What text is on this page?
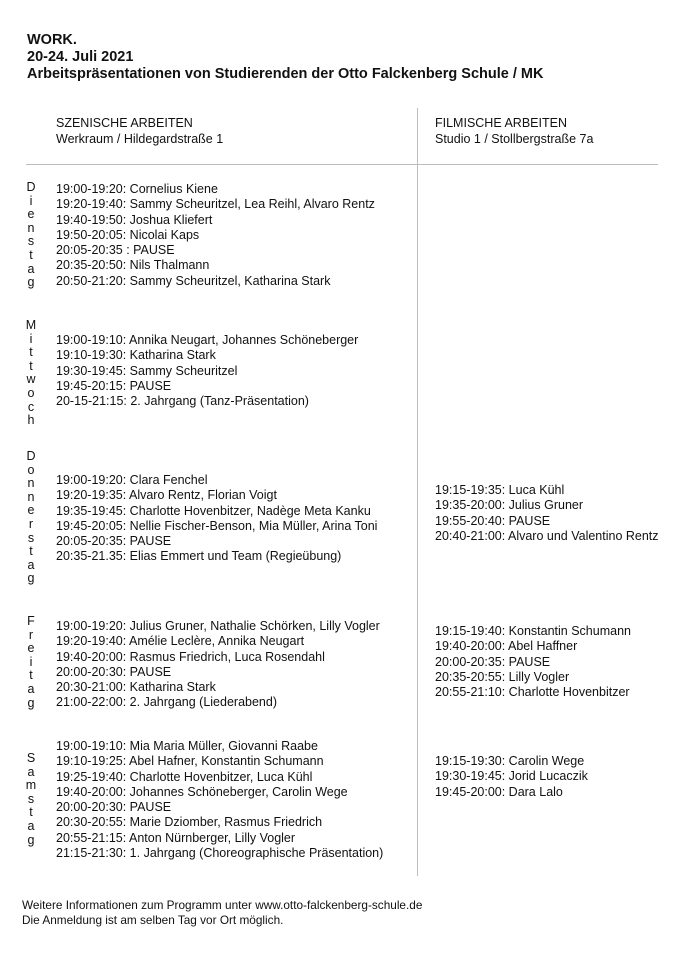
WORK.
20-24. Juli 2021
Arbeitspräsentationen von Studierenden der Otto Falckenberg Schule / MK
SZENISCHE ARBEITEN
Werkraum / Hildegardstraße 1
FILMISCHE ARBEITEN
Studio 1 / Stollbergstraße 7a
D
i
e
n
s
t
a
g
19:00-19:20: Cornelius Kiene
19:20-19:40: Sammy Scheuritzel, Lea Reihl, Alvaro Rentz
19:40-19:50: Joshua Kliefert
19:50-20:05: Nicolai Kaps
20:05-20:35 : PAUSE
20:35-20:50: Nils Thalmann
20:50-21:20: Sammy Scheuritzel, Katharina Stark
M
i
t
t
w
o
c
h
19:00-19:10: Annika Neugart, Johannes Schöneberger
19:10-19:30: Katharina Stark
19:30-19:45: Sammy Scheuritzel
19:45-20:15: PAUSE
20-15-21:15: 2. Jahrgang (Tanz-Präsentation)
D
o
n
n
e
r
s
t
a
g
19:00-19:20: Clara Fenchel
19:20-19:35: Alvaro Rentz, Florian Voigt
19:35-19:45: Charlotte Hovenbitzer, Nadège Meta Kanku
19:45-20:05: Nellie Fischer-Benson, Mia Müller, Arina Toni
20:05-20:35: PAUSE
20:35-21.35: Elias Emmert und Team (Regieübung)
19:15-19:35: Luca Kühl
19:35-20:00: Julius Gruner
19:55-20:40: PAUSE
20:40-21:00: Alvaro und Valentino Rentz
F
r
e
i
t
a
g
19:00-19:20: Julius Gruner, Nathalie Schörken, Lilly Vogler
19:20-19:40: Amélie Leclère, Annika Neugart
19:40-20:00: Rasmus Friedrich, Luca Rosendahl
20:00-20:30: PAUSE
20:30-21:00: Katharina Stark
21:00-22:00: 2. Jahrgang (Liederabend)
19:15-19:40: Konstantin Schumann
19:40-20:00: Abel Haffner
20:00-20:35: PAUSE
20:35-20:55: Lilly Vogler
20:55-21:10: Charlotte Hovenbitzer
S
a
m
s
t
a
g
19:00-19:10: Mia Maria Müller, Giovanni Raabe
19:10-19:25: Abel Hafner, Konstantin Schumann
19:25-19:40: Charlotte Hovenbitzer, Luca Kühl
19:40-20:00: Johannes Schöneberger, Carolin Wege
20:00-20:30: PAUSE
20:30-20:55: Marie Dziomber, Rasmus Friedrich
20:55-21:15: Anton Nürnberger, Lilly Vogler
21:15-21:30: 1. Jahrgang (Choreographische Präsentation)
19:15-19:30: Carolin Wege
19:30-19:45: Jorid Lucaczik
19:45-20:00: Dara Lalo
Weitere Informationen zum Programm unter www.otto-falckenberg-schule.de
Die Anmeldung ist am selben Tag vor Ort möglich.
